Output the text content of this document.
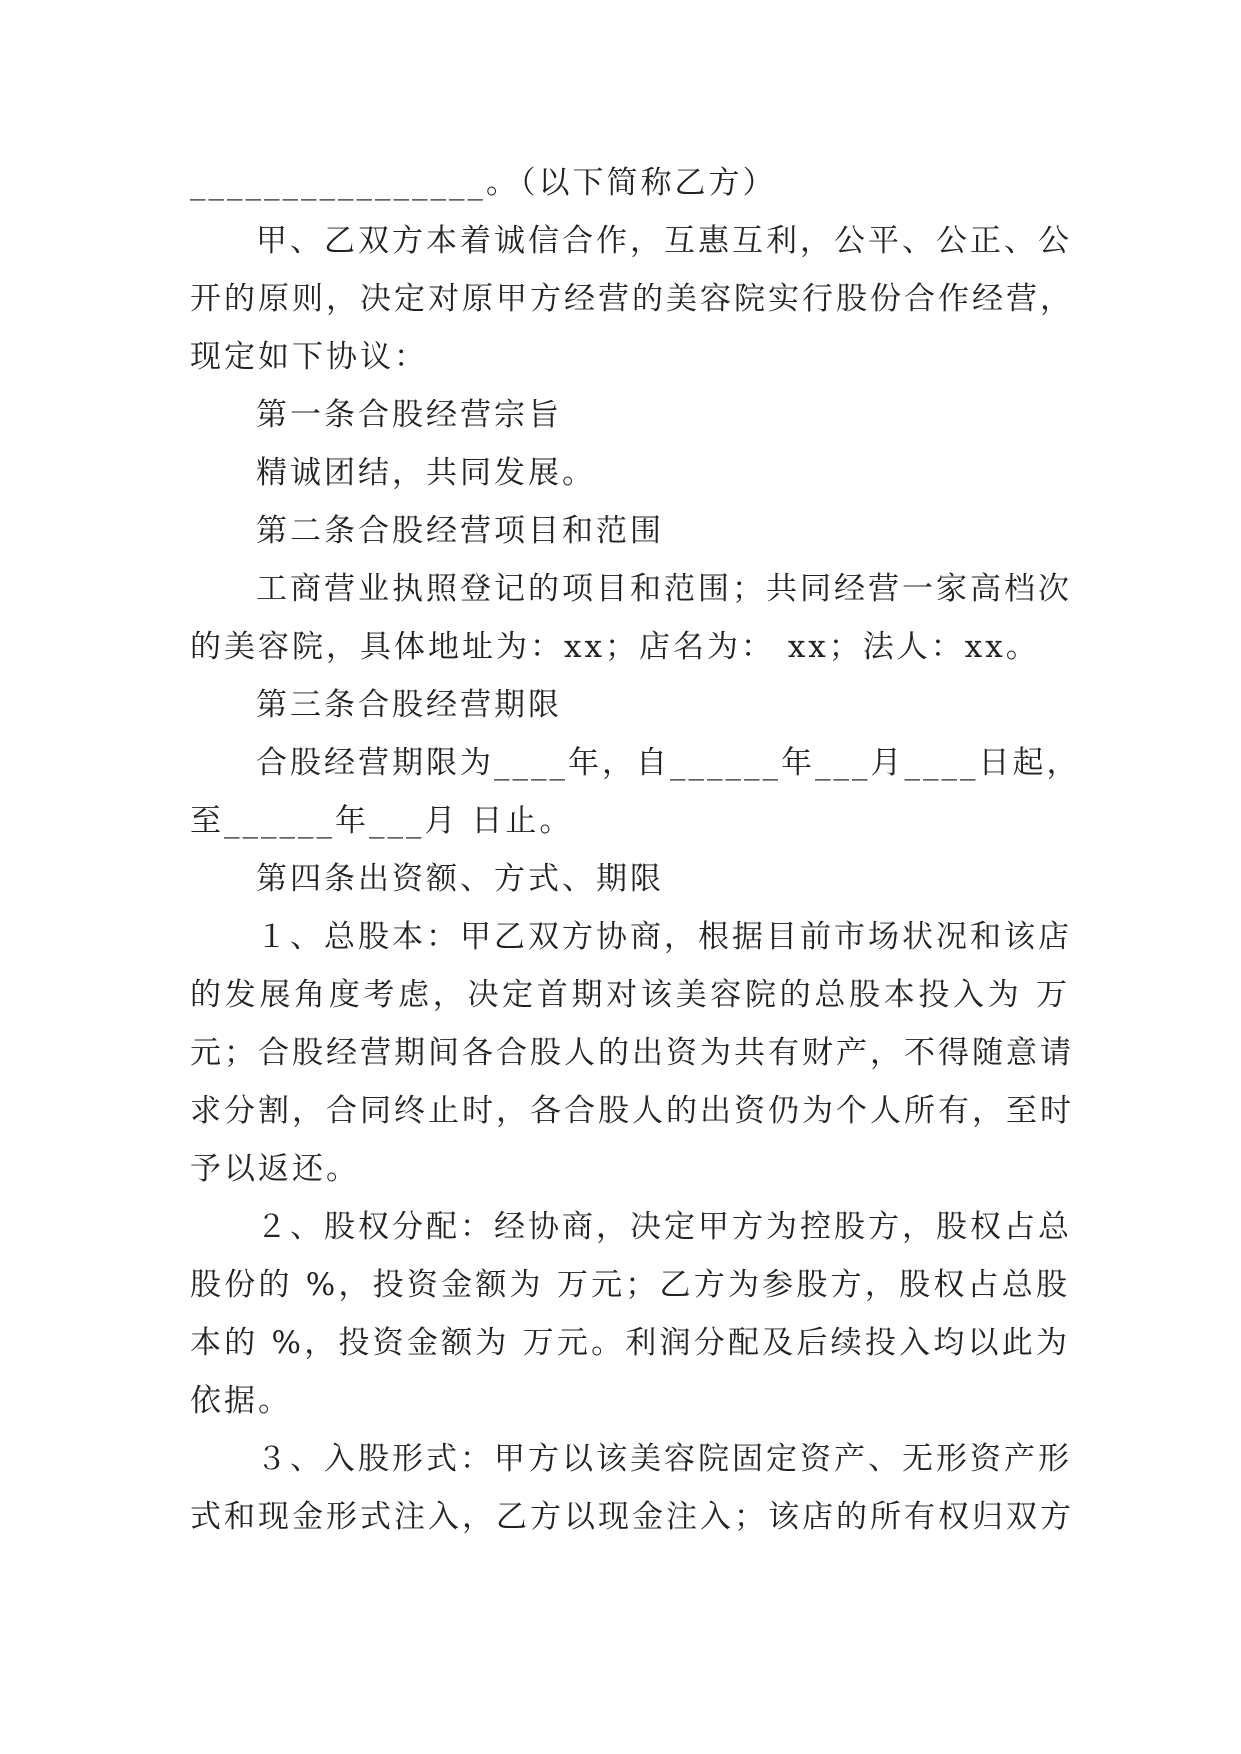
________________。（以下简称乙方）
甲、乙双方本着诚信合作，互惠互利，公平、公正、公
开的原则，决定对原甲方经营的美容院实行股份合作经营，
现定如下协议：
第一条合股经营宗旨
精诚团结，共同发展。
第二条合股经营项目和范围
工商营业执照登记的项目和范围；共同经营一家高档次
的美容院，具体地址为：xx；店名为： xx；法人：xx。
第三条合股经营期限
合股经营期限为____年，自______年___月____日起，
至______年___月 日止。
第四条出资额、方式、期限
１、总股本：甲乙双方协商，根据目前市场状况和该店
的发展角度考虑，决定首期对该美容院的总股本投入为 万
元；合股经营期间各合股人的出资为共有财产，不得随意请
求分割，合同终止时，各合股人的出资仍为个人所有，至时
予以返还。
２、股权分配：经协商，决定甲方为控股方，股权占总
股份的 %，投资金额为 万元；乙方为参股方，股权占总股
本的 %，投资金额为 万元。利润分配及后续投入均以此为
依据。
３、入股形式：甲方以该美容院固定资产、无形资产形
式和现金形式注入，乙方以现金注入；该店的所有权归双方
